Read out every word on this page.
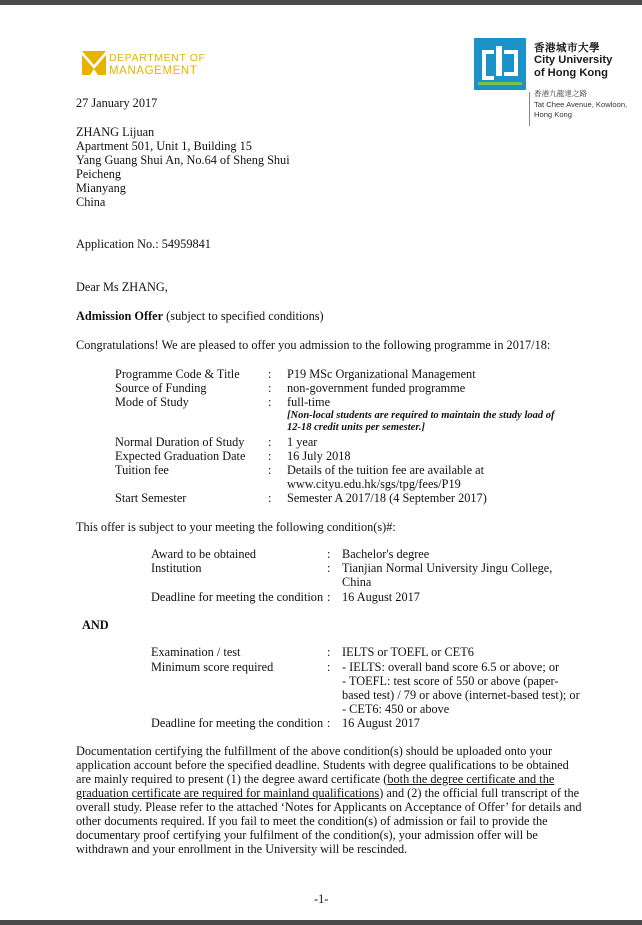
DEPARTMENT OF
MANAGEMENT
香港城市大學
City University
of Hong Kong
香港九龍達之路
Tat Chee Avenue, Kowloon,
Hong Kong
27 January 2017
ZHANG Lijuan
Apartment 501, Unit 1, Building 15
Yang Guang Shui An, No.64 of Sheng Shui
Peicheng
Mianyang
China
Application No.: 54959841
Dear Ms ZHANG,
Admission Offer (subject to specified conditions)
Congratulations! We are pleased to offer you admission to the following programme in 2017/18:
Programme Code & Title : P19 MSc Organizational Management
Source of Funding	: non-government funded programme
Mode of Study	: full-time
[Non-local students are required to maintain the study load of
12-18 credit units per semester.]
Normal Duration of Study : 1 year
Expected Graduation Date : 16 July 2018
Tuition fee	: Details of the tuition fee are available at
www.cityu.edu.hk/sgs/tpg/fees/P19
Start Semester	: Semester A 2017/18 (4 September 2017)
This offer is subject to your meeting the following condition(s)#:
Award to be obtained	: Bachelor's degree
Institution	: Tianjian Normal University Jingu College,
China
Deadline for meeting the condition : 16 August 2017
AND
Examination / test	: IELTS or TOEFL or CET6
Minimum score required	: - IELTS: overall band score 6.5 or above; or
- TOEFL: test score of 550 or above (paper-
based test) / 79 or above (internet-based test); or
- CET6: 450 or above
Deadline for meeting the condition : 16 August 2017
Documentation certifying the fulfillment of the above condition(s) should be uploaded onto your
application account before the specified deadline. Students with degree qualifications to be obtained
are mainly required to present (1) the degree award certificate (both the degree certificate and the
graduation certificate are required for mainland qualifications) and (2) the official full transcript of the
overall study. Please refer to the attached ‘Notes for Applicants on Acceptance of Offer’ for details and
other documents required. If you fail to meet the condition(s) of admission or fail to provide the
documentary proof certifying your fulfilment of the condition(s), your admission offer will be
withdrawn and your enrollment in the University will be rescinded.
-1-
